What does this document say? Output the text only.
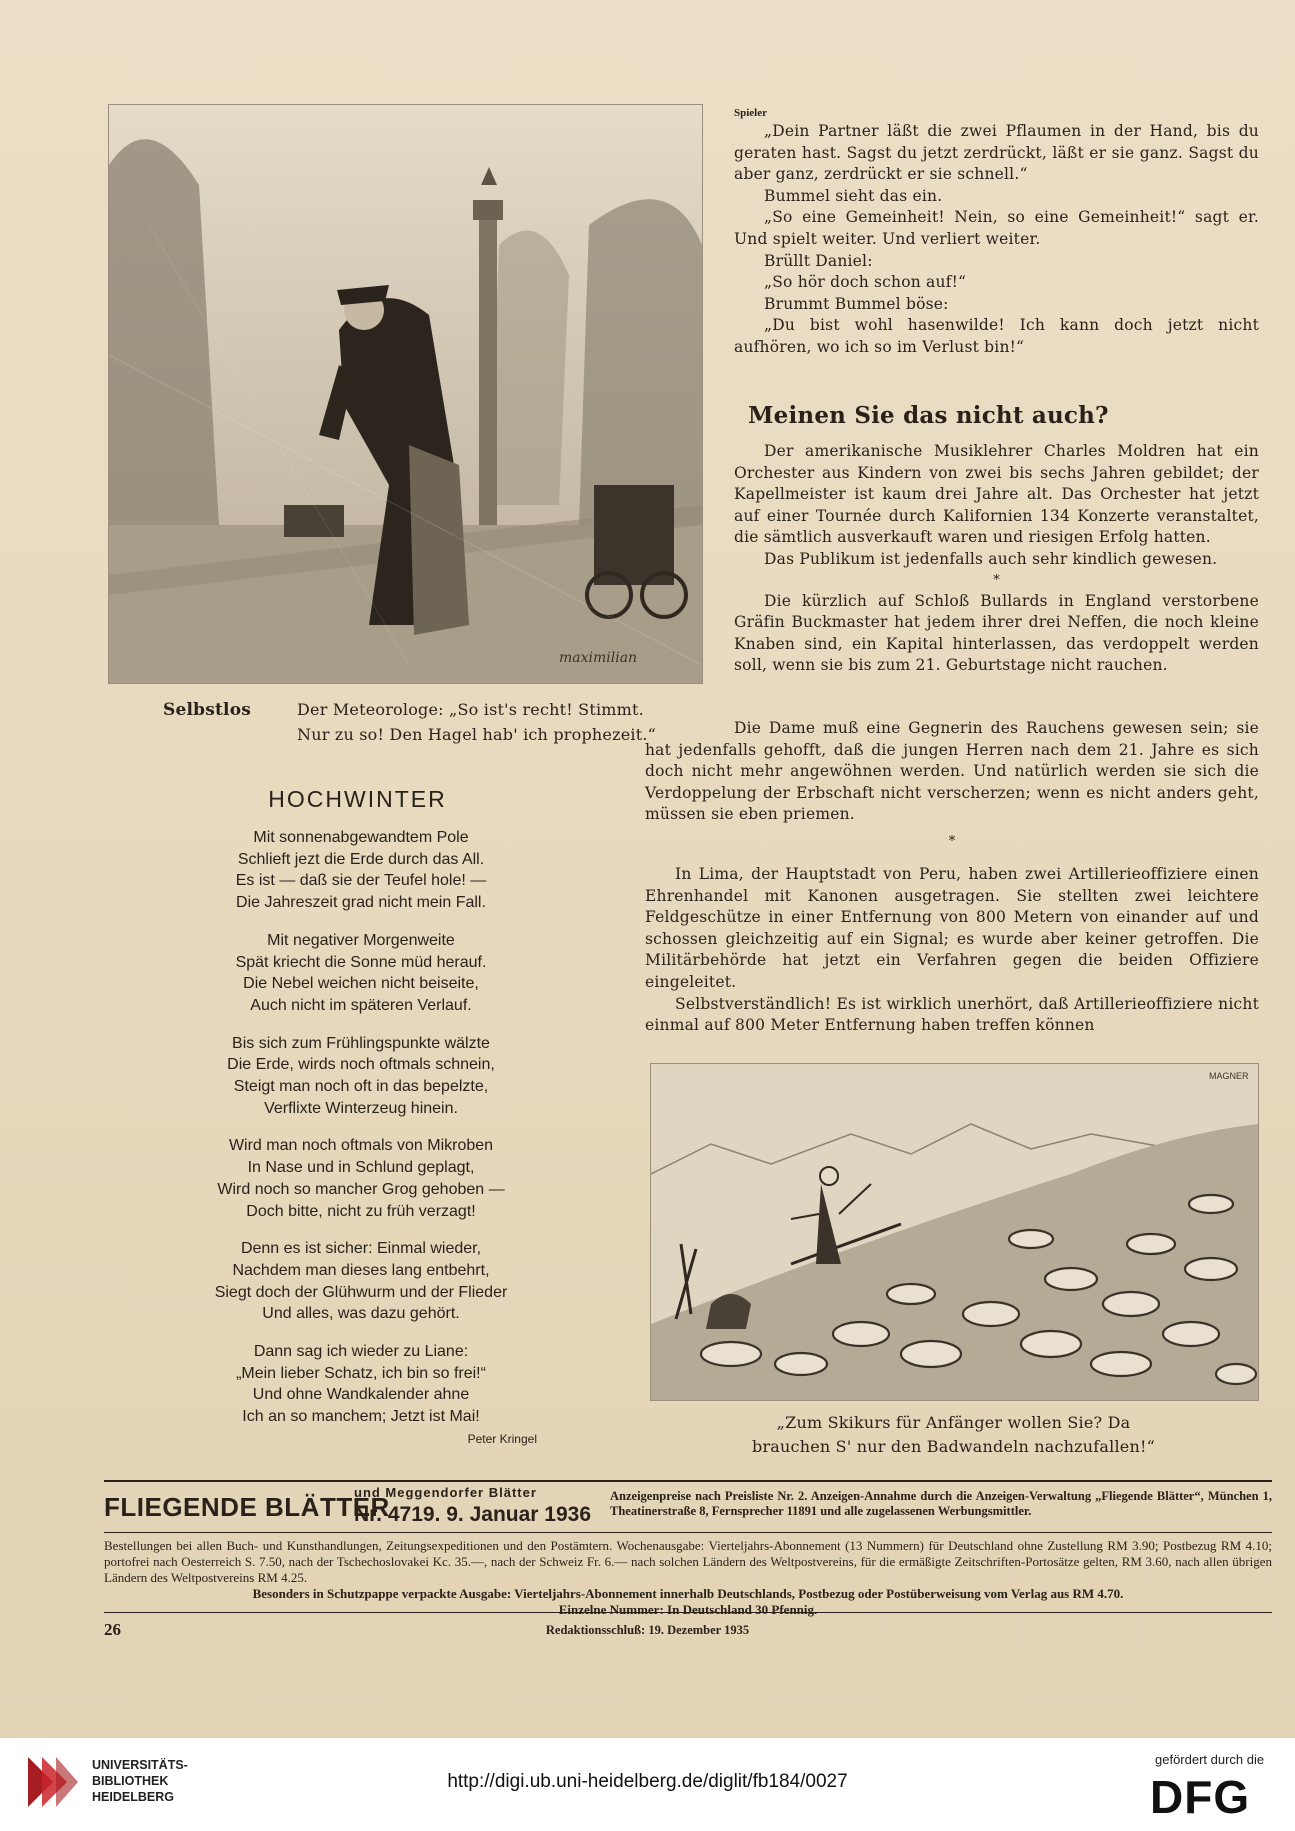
maximilian
Selbstlos	Der Meteorologe: „So ist's recht! Stimmt.
Nur zu so! Den Hagel hab' ich prophezeit.“
Spieler

„Dein Partner läßt die zwei Pflaumen in der Hand, bis du geraten hast. Sagst du jetzt zerdrückt, läßt er sie ganz. Sagst du aber ganz, zerdrückt er sie schnell.“

Bummel sieht das ein.

„So eine Gemeinheit! Nein, so eine Gemeinheit!“ sagt er. Und spielt weiter. Und verliert weiter.

Brüllt Daniel:

„So hör doch schon auf!“

Brummt Bummel böse:

„Du bist wohl hasenwilde! Ich kann doch jetzt nicht aufhören, wo ich so im Verlust bin!“

Meinen Sie das nicht auch?

Der amerikanische Musiklehrer Charles Moldren hat ein Orchester aus Kindern von zwei bis sechs Jahren gebildet; der Kapellmeister ist kaum drei Jahre alt. Das Orchester hat jetzt auf einer Tournée durch Kalifornien 134 Konzerte veranstaltet, die sämtlich ausverkauft waren und riesigen Erfolg hatten.

Das Publikum ist jedenfalls auch sehr kindlich gewesen.

*

Die kürzlich auf Schloß Bullards in England verstorbene Gräfin Buckmaster hat jedem ihrer drei Neffen, die noch kleine Knaben sind, ein Kapital hinterlassen, das verdoppelt werden soll, wenn sie bis zum 21. Geburtstage nicht rauchen.

Die Dame muß eine Gegnerin des Rauchens gewesen sein; sie hat jedenfalls gehofft, daß die jungen Herren nach dem 21. Jahre es sich doch nicht mehr angewöhnen werden. Und natürlich werden sie sich die Verdoppelung der Erbschaft nicht verscherzen; wenn es nicht anders geht, müssen sie eben priemen.

*

In Lima, der Hauptstadt von Peru, haben zwei Artillerieoffiziere einen Ehrenhandel mit Kanonen ausgetragen. Sie stellten zwei leichtere Feldgeschütze in einer Entfernung von 800 Metern von einander auf und schossen gleichzeitig auf ein Signal; es wurde aber keiner getroffen. Die Militärbehörde hat jetzt ein Verfahren gegen die beiden Offiziere eingeleitet.

Selbstverständlich! Es ist wirklich unerhört, daß Artillerieoffiziere nicht einmal auf 800 Meter Entfernung haben treffen können

HOCHWINTER

Mit sonnenabgewandtem Pole

Schlieft jezt die Erde durch das All.

Es ist — daß sie der Teufel hole! —

Die Jahreszeit grad nicht mein Fall.

Mit negativer Morgenweite

Spät kriecht die Sonne müd herauf.

Die Nebel weichen nicht beiseite,

Auch nicht im späteren Verlauf.

Bis sich zum Frühlingspunkte wälzte

Die Erde, wirds noch oftmals schnein,

Steigt man noch oft in das bepelzte,

Verflixte Winterzeug hinein.

Wird man noch oftmals von Mikroben

In Nase und in Schlund geplagt,

Wird noch so mancher Grog gehoben —

Doch bitte, nicht zu früh verzagt!

Denn es ist sicher: Einmal wieder,

Nachdem man dieses lang entbehrt,

Siegt doch der Glühwurm und der Flieder

Und alles, was dazu gehört.

Dann sag ich wieder zu Liane:

„Mein lieber Schatz, ich bin so frei!“

Und ohne Wandkalender ahne

Ich an so manchem; Jetzt ist Mai!

Peter Kringel
MAGNER
„Zum Skikurs für Anfänger wollen Sie? Da
brauchen S' nur den Badwandeln nachzufallen!“
FLIEGENDE BLÄTTER
und Meggendorfer Blätter
Nr. 4719. 9. Januar 1936
Anzeigenpreise nach Preisliste Nr. 2. Anzeigen-Annahme durch die Anzeigen-Verwaltung „Fliegende Blätter“, München 1, Theatinerstraße 8, Fernsprecher 11891 und alle zugelassenen Werbungsmittler.
Bestellungen bei allen Buch- und Kunsthandlungen, Zeitungsexpeditionen und den Postämtern. Wochenausgabe: Vierteljahrs-Abonnement (13 Nummern) für Deutschland ohne Zustellung RM 3.90; Postbezug RM 4.10; portofrei nach Oesterreich S. 7.50, nach der Tschechoslovakei Kc. 35.—, nach der Schweiz Fr. 6.— nach solchen Ländern des Weltpostvereins, für die ermäßigte Zeitschriften-Portosätze gelten, RM 3.60, nach allen übrigen Ländern des Weltpostvereins RM 4.25.
Besonders in Schutzpappe verpackte Ausgabe: Vierteljahrs-Abonnement innerhalb Deutschlands, Postbezug oder Postüberweisung vom Verlag aus RM 4.70.
Einzelne Nummer: In Deutschland 30 Pfennig.
26	Redaktionsschluß: 19. Dezember 1935
UNIVERSITÄTS-
BIBLIOTHEK
HEIDELBERG
http://digi.ub.uni-heidelberg.de/diglit/fb184/0027
gefördert durch die
DFG
